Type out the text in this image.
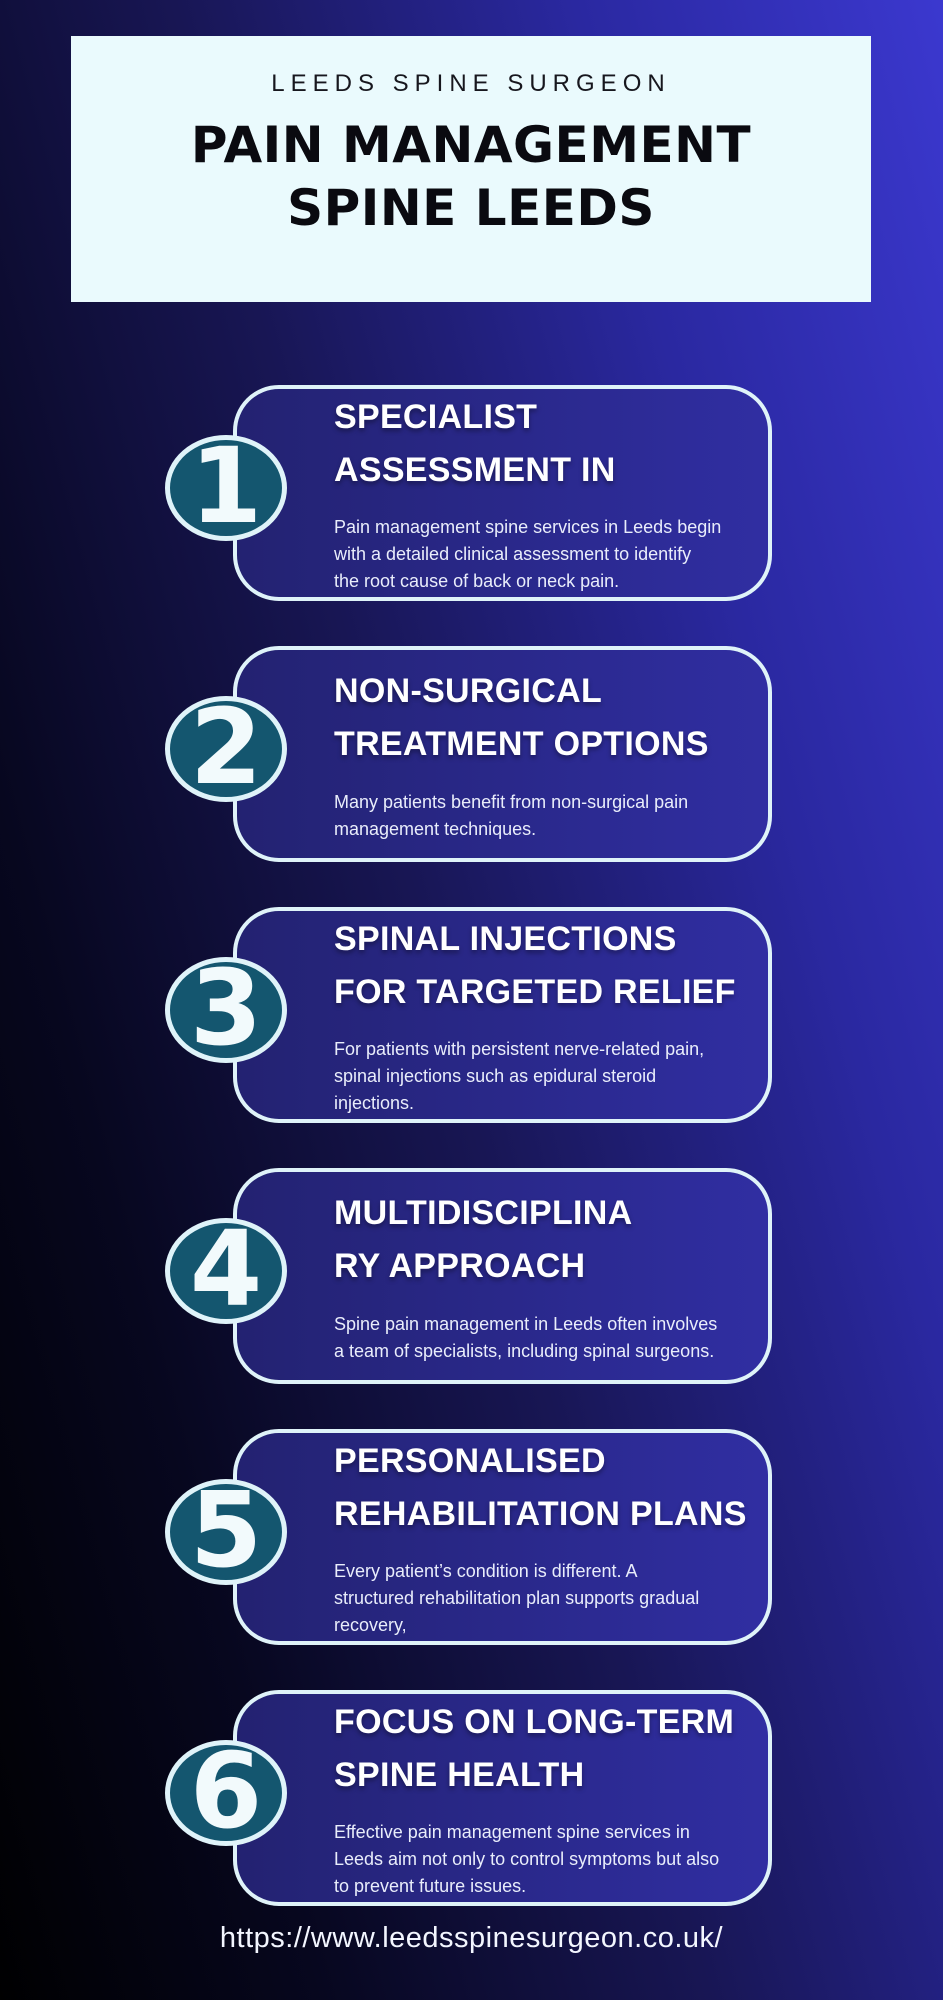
LEEDS SPINE SURGEON
PAIN MANAGEMENT
SPINE LEEDS
1
SPECIALIST
ASSESSMENT IN

Pain management spine services in Leeds begin
with a detailed clinical assessment to identify
the root cause of back or neck pain.

2 NON-SURGICAL
TREATMENT OPTIONS

Many patients benefit from non-surgical pain
management techniques.

3
SPINAL INJECTIONS
FOR TARGETED RELIEF

For patients with persistent nerve-related pain,
spinal injections such as epidural steroid
injections.

4 MULTIDISCIPLINA
RY APPROACH

Spine pain management in Leeds often involves
a team of specialists, including spinal surgeons.

5
PERSONALISED
REHABILITATION PLANS

Every patient’s condition is different. A
structured rehabilitation plan supports gradual
recovery,

6
FOCUS ON LONG-TERM
SPINE HEALTH

Effective pain management spine services in
Leeds aim not only to control symptoms but also
to prevent future issues.

https://www.leedsspinesurgeon.co.uk/
